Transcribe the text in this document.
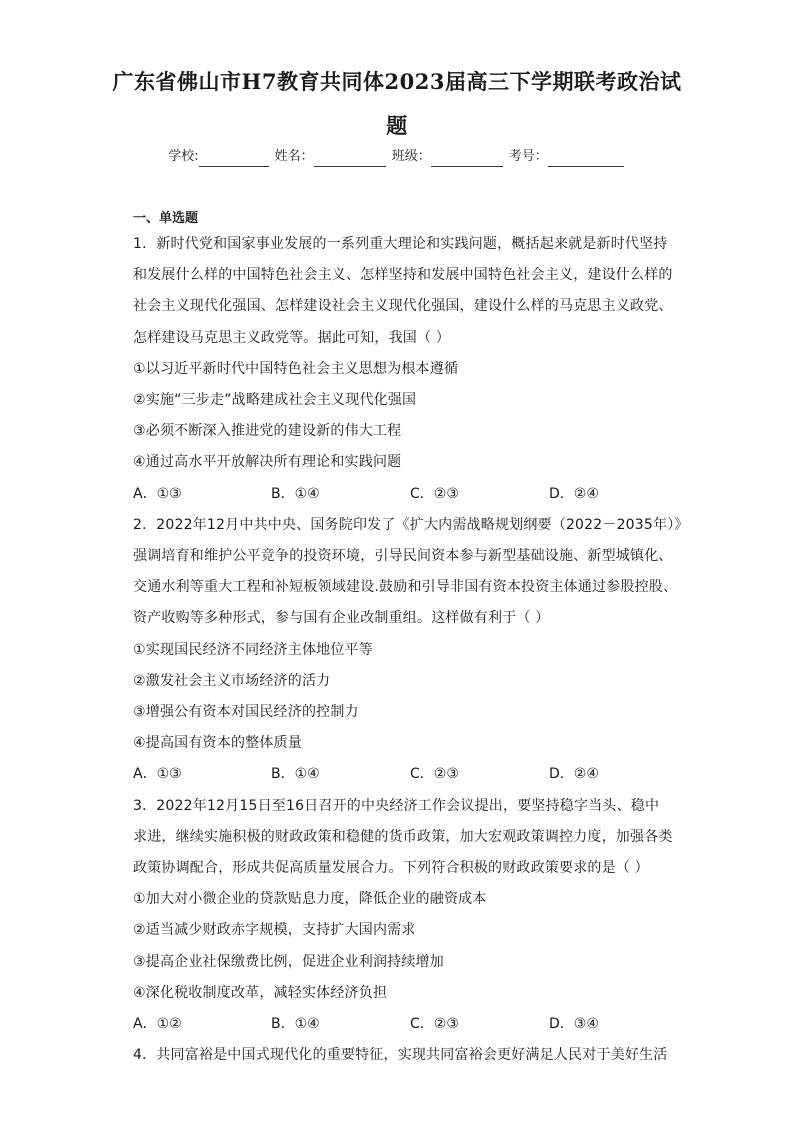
广东省佛山市H7教育共同体2023届高三下学期联考政治试
题
学校:	姓名：	班级：	考号：
一、单选题
1．新时代党和国家事业发展的一系列重大理论和实践问题，概括起来就是新时代坚持
和发展什么样的中国特色社会主义、怎样坚持和发展中国特色社会主义，建设什么样的
社会主义现代化强国、怎样建设社会主义现代化强国，建设什么样的马克思主义政党、
怎样建设马克思主义政党等。据此可知，我国（ ）
①以习近平新时代中国特色社会主义思想为根本遵循
②实施“三步走”战略建成社会主义现代化强国
③必须不断深入推进党的建设新的伟大工程
④通过高水平开放解决所有理论和实践问题
A．①③	B．①④	C．②③	D．②④
2．2022年12月中共中央、国务院印发了《扩大内需战略规划纲要（2022－2035年）》
强调培育和维护公平竞争的投资环境，引导民间资本参与新型基础设施、新型城镇化、
交通水利等重大工程和补短板领域建设.鼓励和引导非国有资本投资主体通过参股控股、
资产收购等多种形式，参与国有企业改制重组。这样做有利于（ ）
①实现国民经济不同经济主体地位平等
②激发社会主义市场经济的活力
③增强公有资本对国民经济的控制力
④提高国有资本的整体质量
A．①③	B．①④	C．②③	D．②④
3．2022年12月15日至16日召开的中央经济工作会议提出，要坚持稳字当头、稳中
求进，继续实施积极的财政政策和稳健的货币政策，加大宏观政策调控力度，加强各类
政策协调配合，形成共促高质量发展合力。下列符合积极的财政政策要求的是（ ）
①加大对小微企业的贷款贴息力度，降低企业的融资成本
②适当减少财政赤字规模，支持扩大国内需求
③提高企业社保缴费比例，促进企业利润持续增加
④深化税收制度改革，减轻实体经济负担
A．①②	B．①④	C．②③	D．③④
4．共同富裕是中国式现代化的重要特征，实现共同富裕会更好满足人民对于美好生活
